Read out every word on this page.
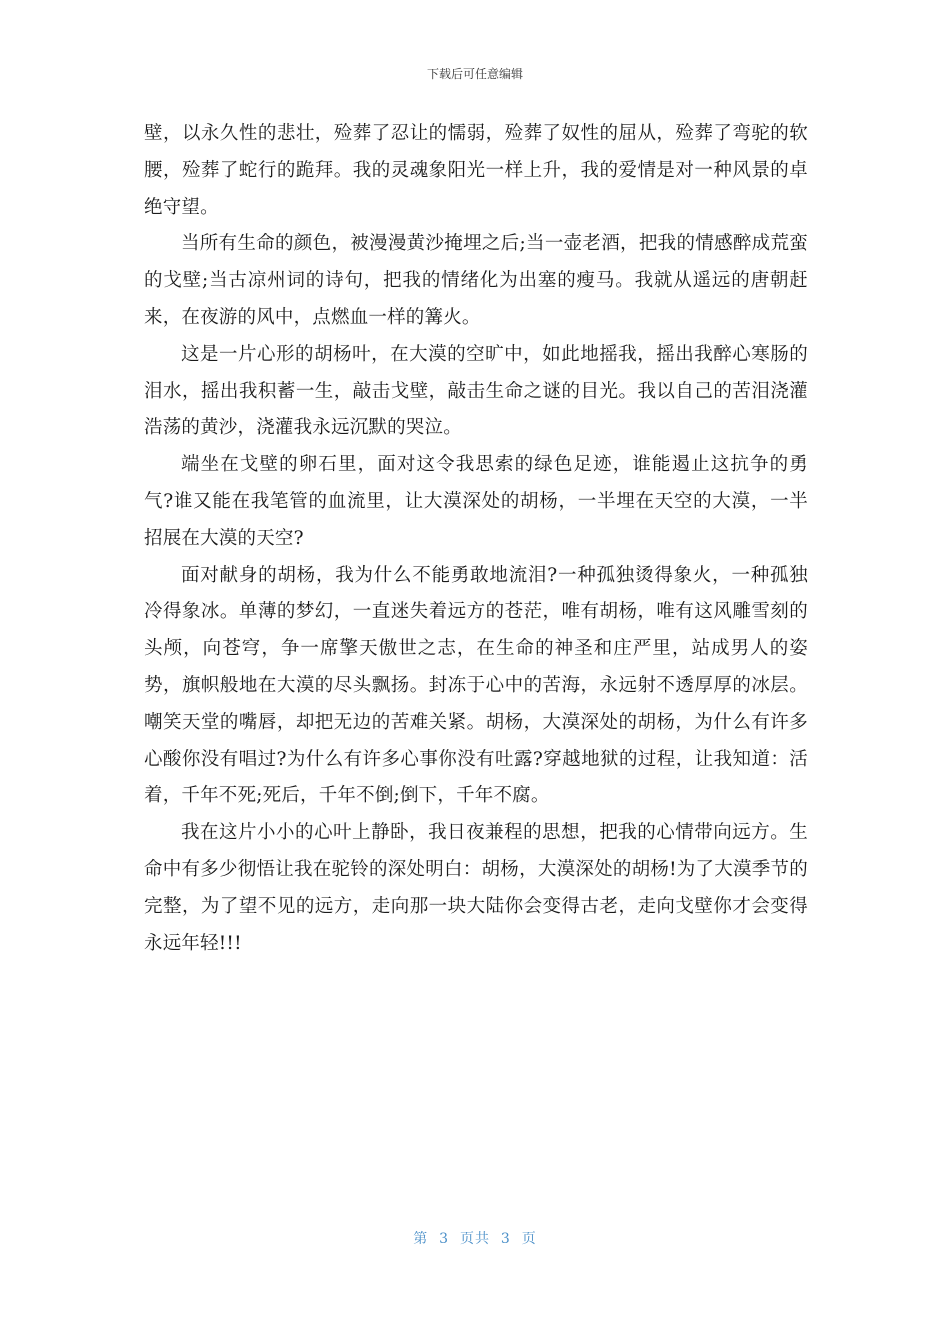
下载后可任意编辑

壁，以永久性的悲壮，殓葬了忍让的懦弱，殓葬了奴性的屈从，殓葬了弯驼的软腰，殓葬了蛇行的跪拜。我的灵魂象阳光一样上升，我的爱情是对一种风景的卓绝守望。

当所有生命的颜色，被漫漫黄沙掩埋之后;当一壶老酒，把我的情感醉成荒蛮的戈壁;当古凉州词的诗句，把我的情绪化为出塞的瘦马。我就从遥远的唐朝赶来，在夜游的风中，点燃血一样的篝火。

这是一片心形的胡杨叶，在大漠的空旷中，如此地摇我，摇出我醉心寒肠的泪水，摇出我积蓄一生，敲击戈壁，敲击生命之谜的目光。我以自己的苦泪浇灌浩荡的黄沙，浇灌我永远沉默的哭泣。

端坐在戈壁的卵石里，面对这令我思索的绿色足迹，谁能遏止这抗争的勇气?谁又能在我笔管的血流里，让大漠深处的胡杨，一半埋在天空的大漠，一半招展在大漠的天空?

面对献身的胡杨，我为什么不能勇敢地流泪?一种孤独烫得象火，一种孤独冷得象冰。单薄的梦幻，一直迷失着远方的苍茫，唯有胡杨，唯有这风雕雪刻的头颅，向苍穹，争一席擎天傲世之志，在生命的神圣和庄严里，站成男人的姿势，旗帜般地在大漠的尽头飘扬。封冻于心中的苦海，永远射不透厚厚的冰层。嘲笑天堂的嘴唇，却把无边的苦难关紧。胡杨，大漠深处的胡杨，为什么有许多心酸你没有唱过?为什么有许多心事你没有吐露?穿越地狱的过程，让我知道：活着，千年不死;死后，千年不倒;倒下，千年不腐。

我在这片小小的心叶上静卧，我日夜兼程的思想，把我的心情带向远方。生命中有多少彻悟让我在驼铃的深处明白：胡杨，大漠深处的胡杨!为了大漠季节的完整，为了望不见的远方，走向那一块大陆你会变得古老，走向戈壁你才会变得永远年轻!!!

第  3  页共  3  页
